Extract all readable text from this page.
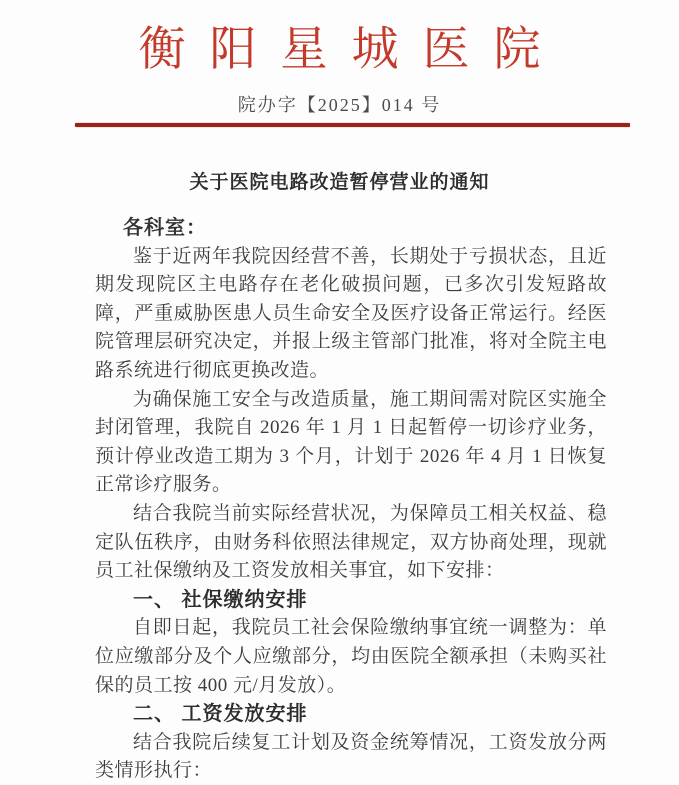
衡阳星城医院
院办字【2025】014 号
关于医院电路改造暂停营业的通知
各科室：
鉴于近两年我院因经营不善，长期处于亏损状态，且近期发现院区主电路存在老化破损问题，已多次引发短路故障，严重威胁医患人员生命安全及医疗设备正常运行。经医院管理层研究决定，并报上级主管部门批准，将对全院主电路系统进行彻底更换改造。
为确保施工安全与改造质量，施工期间需对院区实施全封闭管理，我院自 2026 年 1 月 1 日起暂停一切诊疗业务，预计停业改造工期为 3 个月，计划于 2026 年 4 月 1 日恢复正常诊疗服务。
结合我院当前实际经营状况，为保障员工相关权益、稳定队伍秩序，由财务科依照法律规定，双方协商处理，现就员工社保缴纳及工资发放相关事宜，如下安排：
一、 社保缴纳安排
自即日起，我院员工社会保险缴纳事宜统一调整为：单位应缴部分及个人应缴部分，均由医院全额承担（未购买社保的员工按 400 元/月发放）。
二、 工资发放安排
结合我院后续复工计划及资金统筹情况，工资发放分两类情形执行：
